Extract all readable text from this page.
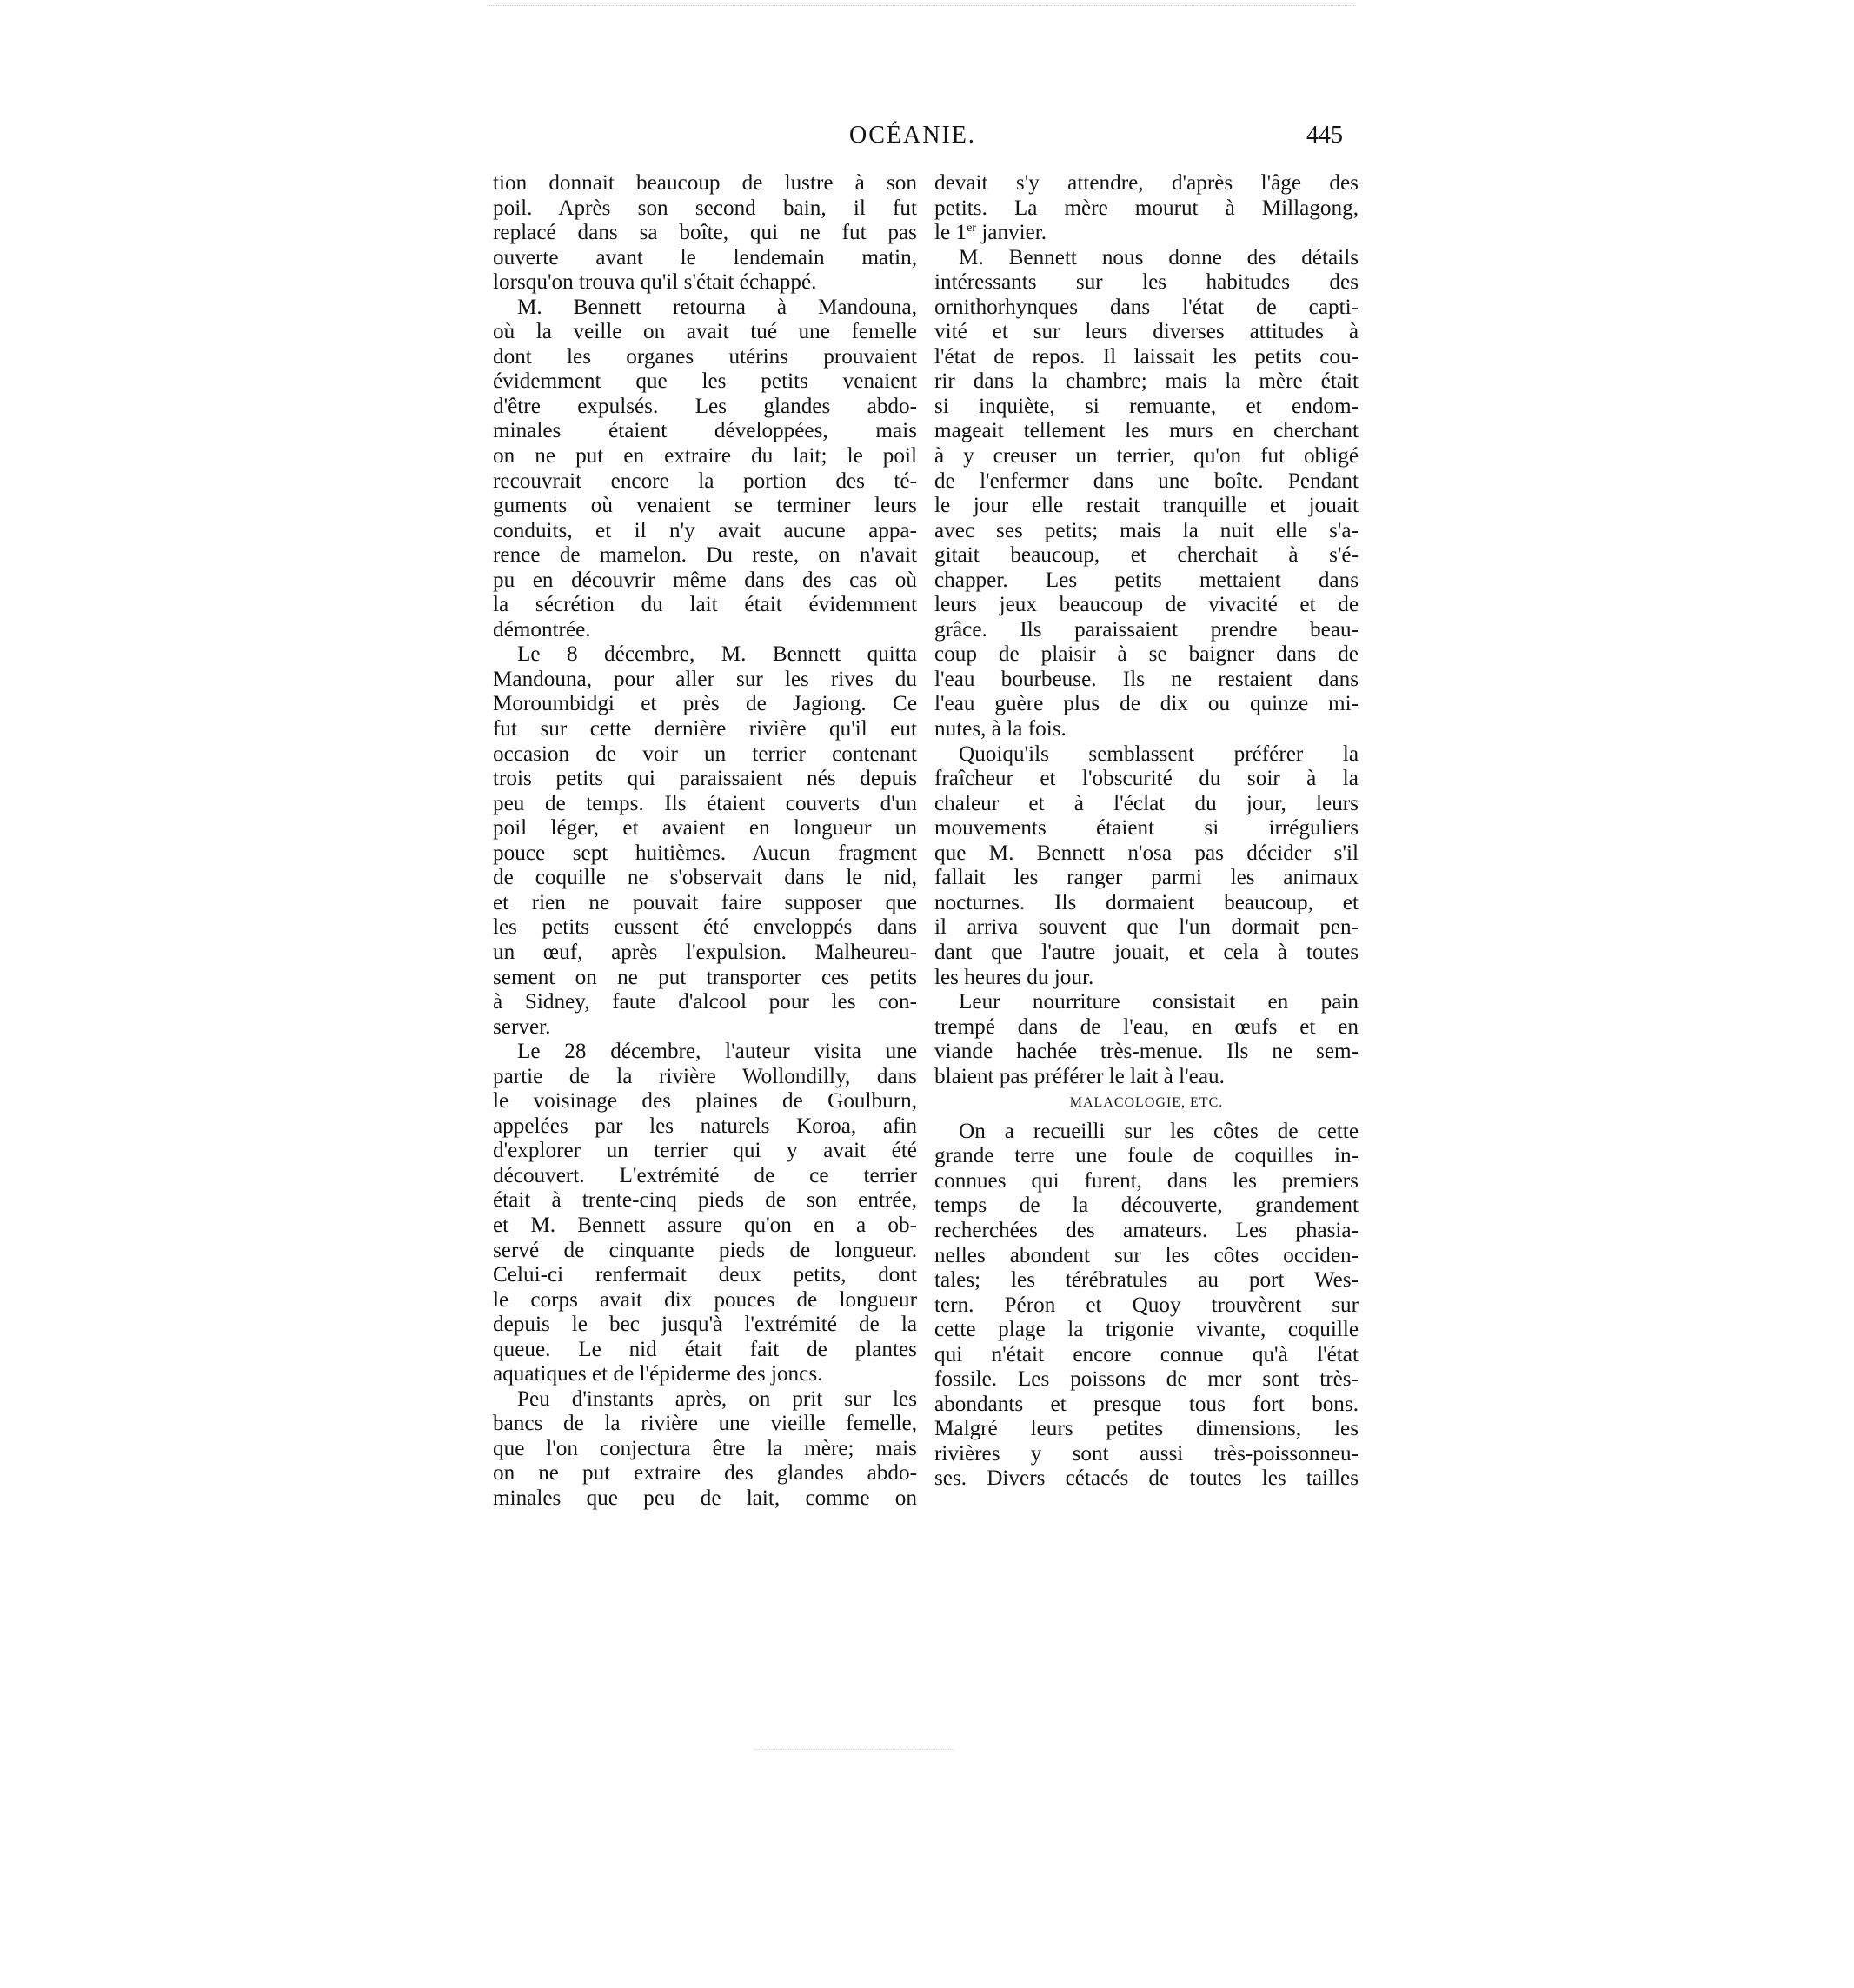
OCÉANIE.	445
tion donnait beaucoup de lustre à son
poil. Après son second bain, il fut
replacé dans sa boîte, qui ne fut pas
ouverte avant le lendemain matin,
lorsqu'on trouva qu'il s'était échappé.
M. Bennett retourna à Mandouna,
où la veille on avait tué une femelle
dont les organes utérins prouvaient
évidemment que les petits venaient
d'être expulsés. Les glandes abdo-
minales étaient développées, mais
on ne put en extraire du lait; le poil
recouvrait encore la portion des té-
guments où venaient se terminer leurs
conduits, et il n'y avait aucune appa-
rence de mamelon. Du reste, on n'avait
pu en découvrir même dans des cas où
la sécrétion du lait était évidemment
démontrée.
Le 8 décembre, M. Bennett quitta
Mandouna, pour aller sur les rives du
Moroumbidgi et près de Jagiong. Ce
fut sur cette dernière rivière qu'il eut
occasion de voir un terrier contenant
trois petits qui paraissaient nés depuis
peu de temps. Ils étaient couverts d'un
poil léger, et avaient en longueur un
pouce sept huitièmes. Aucun fragment
de coquille ne s'observait dans le nid,
et rien ne pouvait faire supposer que
les petits eussent été enveloppés dans
un œuf, après l'expulsion. Malheureu-
sement on ne put transporter ces petits
à Sidney, faute d'alcool pour les con-
server.
Le 28 décembre, l'auteur visita une
partie de la rivière Wollondilly, dans
le voisinage des plaines de Goulburn,
appelées par les naturels Koroa, afin
d'explorer un terrier qui y avait été
découvert. L'extrémité de ce terrier
était à trente-cinq pieds de son entrée,
et M. Bennett assure qu'on en a ob-
servé de cinquante pieds de longueur.
Celui-ci renfermait deux petits, dont
le corps avait dix pouces de longueur
depuis le bec jusqu'à l'extrémité de la
queue. Le nid était fait de plantes
aquatiques et de l'épiderme des joncs.
Peu d'instants après, on prit sur les
bancs de la rivière une vieille femelle,
que l'on conjectura être la mère; mais
on ne put extraire des glandes abdo-
minales que peu de lait, comme on
devait s'y attendre, d'après l'âge des
petits. La mère mourut à Millagong,
le 1er janvier.
M. Bennett nous donne des détails
intéressants sur les habitudes des
ornithorhynques dans l'état de capti-
vité et sur leurs diverses attitudes à
l'état de repos. Il laissait les petits cou-
rir dans la chambre; mais la mère était
si inquiète, si remuante, et endom-
mageait tellement les murs en cherchant
à y creuser un terrier, qu'on fut obligé
de l'enfermer dans une boîte. Pendant
le jour elle restait tranquille et jouait
avec ses petits; mais la nuit elle s'a-
gitait beaucoup, et cherchait à s'é-
chapper. Les petits mettaient dans
leurs jeux beaucoup de vivacité et de
grâce. Ils paraissaient prendre beau-
coup de plaisir à se baigner dans de
l'eau bourbeuse. Ils ne restaient dans
l'eau guère plus de dix ou quinze mi-
nutes, à la fois.
Quoiqu'ils semblassent préférer la
fraîcheur et l'obscurité du soir à la
chaleur et à l'éclat du jour, leurs
mouvements étaient si irréguliers
que M. Bennett n'osa pas décider s'il
fallait les ranger parmi les animaux
nocturnes. Ils dormaient beaucoup, et
il arriva souvent que l'un dormait pen-
dant que l'autre jouait, et cela à toutes
les heures du jour.
Leur nourriture consistait en pain
trempé dans de l'eau, en œufs et en
viande hachée très-menue. Ils ne sem-
blaient pas préférer le lait à l'eau.
MALACOLOGIE, ETC.
On a recueilli sur les côtes de cette
grande terre une foule de coquilles in-
connues qui furent, dans les premiers
temps de la découverte, grandement
recherchées des amateurs. Les phasia-
nelles abondent sur les côtes occiden-
tales; les térébratules au port Wes-
tern. Péron et Quoy trouvèrent sur
cette plage la trigonie vivante, coquille
qui n'était encore connue qu'à l'état
fossile. Les poissons de mer sont très-
abondants et presque tous fort bons.
Malgré leurs petites dimensions, les
rivières y sont aussi très-poissonneu-
ses. Divers cétacés de toutes les tailles
